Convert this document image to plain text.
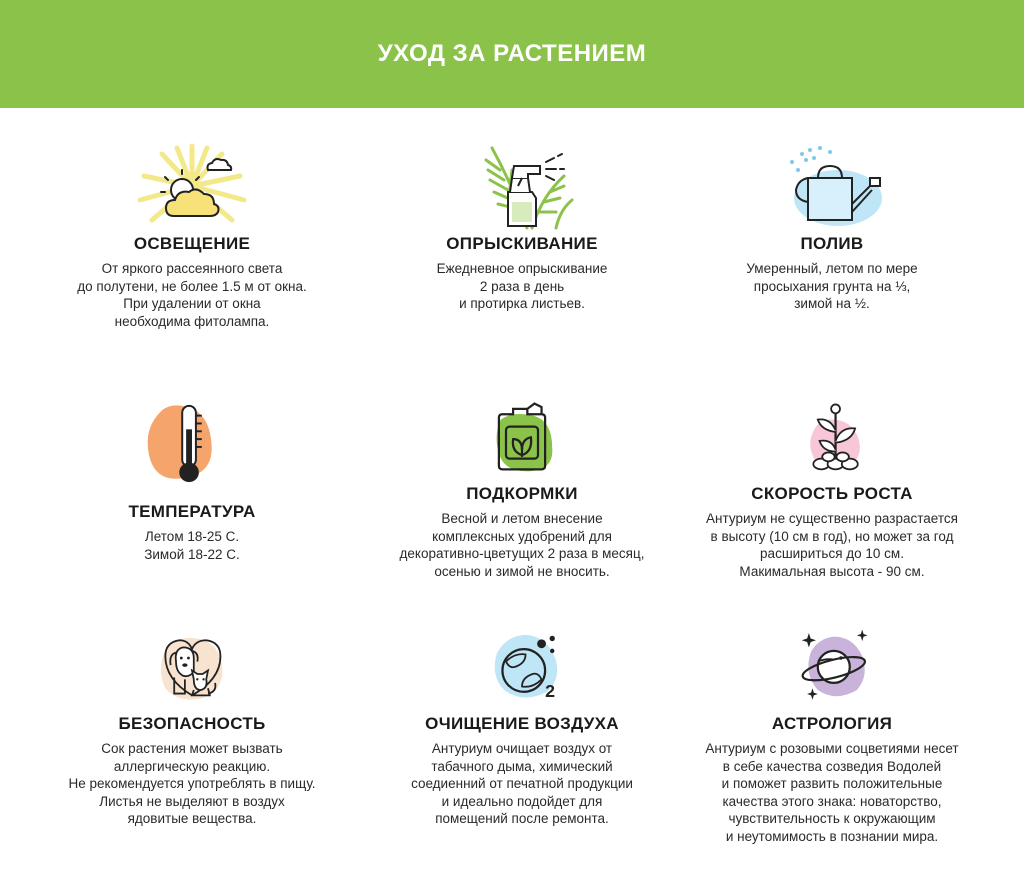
УХОД ЗА РАСТЕНИЕМ
ОСВЕЩЕНИЕ
От яркого рассеянного света
до полутени, не более 1.5 м от окна.
При удалении от окна
необходима фитолампа.
ОПРЫСКИВАНИЕ
Ежедневное опрыскивание
2 раза в день
и протирка листьев.
ПОЛИВ
Умеренный, летом по мере
просыхания грунта на ⅓,
зимой на ½.
ТЕМПЕРАТУРА
Летом 18-25 С.
Зимой 18-22 С.
ПОДКОРМКИ
Весной и летом внесение
комплексных удобрений для
декоративно-цветущих 2 раза в месяц,
осенью и зимой не вносить.
СКОРОСТЬ РОСТА
Антуриум не существенно разрастается
в высоту (10 см в год), но может за год
расшириться до 10 см.
Макимальная высота - 90 см.
БЕЗОПАСНОСТЬ
Сок растения может вызвать
аллергическую реакцию.
Не рекомендуется употреблять в пищу.
Листья не выделяют в воздух
ядовитые вещества.
2
ОЧИЩЕНИЕ ВОЗДУХА
Антуриум очищает воздух от
табачного дыма, химический
соедиенний от печатной продукции
и идеально подойдет для
помещений после ремонта.
АСТРОЛОГИЯ
Антуриум с розовыми соцветиями несет
в себе качества созведия Водолей
и поможет развить положительные
качества этого знака: новаторство,
чувствительность к окружающим
и неутомимость в познании мира.
